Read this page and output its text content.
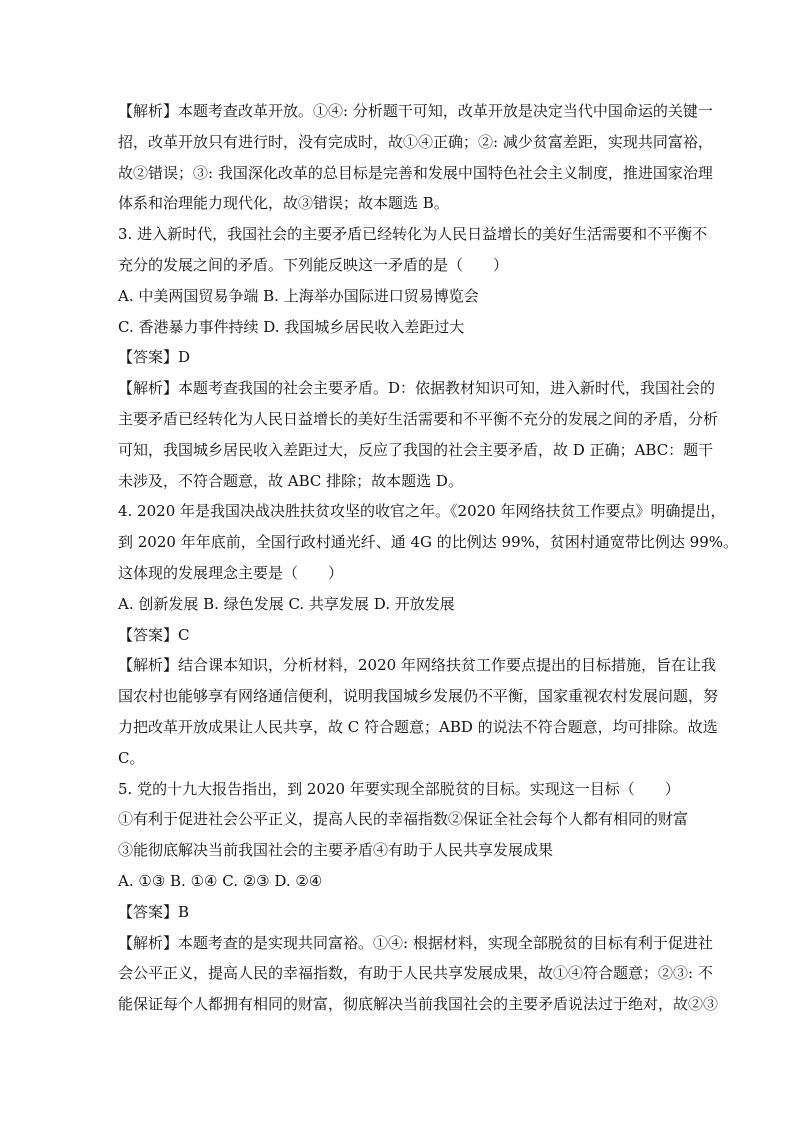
【解析】本题考查改革开放。①④: 分析题干可知，改革开放是决定当代中国命运的关键一
招，改革开放只有进行时，没有完成时，故①④正确；②: 减少贫富差距，实现共同富裕，
故②错误；③: 我国深化改革的总目标是完善和发展中国特色社会主义制度，推进国家治理
体系和治理能力现代化，故③错误；故本题选 B。
3. 进入新时代，我国社会的主要矛盾已经转化为人民日益增长的美好生活需要和不平衡不
充分的发展之间的矛盾。下列能反映这一矛盾的是（　　）
A. 中美两国贸易争端 B. 上海举办国际进口贸易博览会
C. 香港暴力事件持续 D. 我国城乡居民收入差距过大
【答案】D
【解析】本题考查我国的社会主要矛盾。D：依据教材知识可知，进入新时代，我国社会的
主要矛盾已经转化为人民日益增长的美好生活需要和不平衡不充分的发展之间的矛盾，分析
可知，我国城乡居民收入差距过大，反应了我国的社会主要矛盾，故 D 正确；ABC：题干
未涉及，不符合题意，故 ABC 排除；故本题选 D。
4. 2020 年是我国决战决胜扶贫攻坚的收官之年。《2020 年网络扶贫工作要点》明确提出，
到 2020 年年底前，全国行政村通光纤、通 4G 的比例达 99%，贫困村通宽带比例达 99%。
这体现的发展理念主要是（　　）
A. 创新发展 B. 绿色发展 C. 共享发展 D. 开放发展
【答案】C
【解析】结合课本知识，分析材料，2020 年网络扶贫工作要点提出的目标措施，旨在让我
国农村也能够享有网络通信便利，说明我国城乡发展仍不平衡，国家重视农村发展问题，努
力把改革开放成果让人民共享，故 C 符合题意；ABD 的说法不符合题意，均可排除。故选
C。
5. 党的十九大报告指出，到 2020 年要实现全部脱贫的目标。实现这一目标（　　）
①有利于促进社会公平正义，提高人民的幸福指数②保证全社会每个人都有相同的财富
③能彻底解决当前我国社会的主要矛盾④有助于人民共享发展成果
A. ①③ B. ①④ C. ②③ D. ②④
【答案】B
【解析】本题考查的是实现共同富裕。①④: 根据材料，实现全部脱贫的目标有利于促进社
会公平正义，提高人民的幸福指数，有助于人民共享发展成果，故①④符合题意；②③: 不
能保证每个人都拥有相同的财富，彻底解决当前我国社会的主要矛盾说法过于绝对，故②③
